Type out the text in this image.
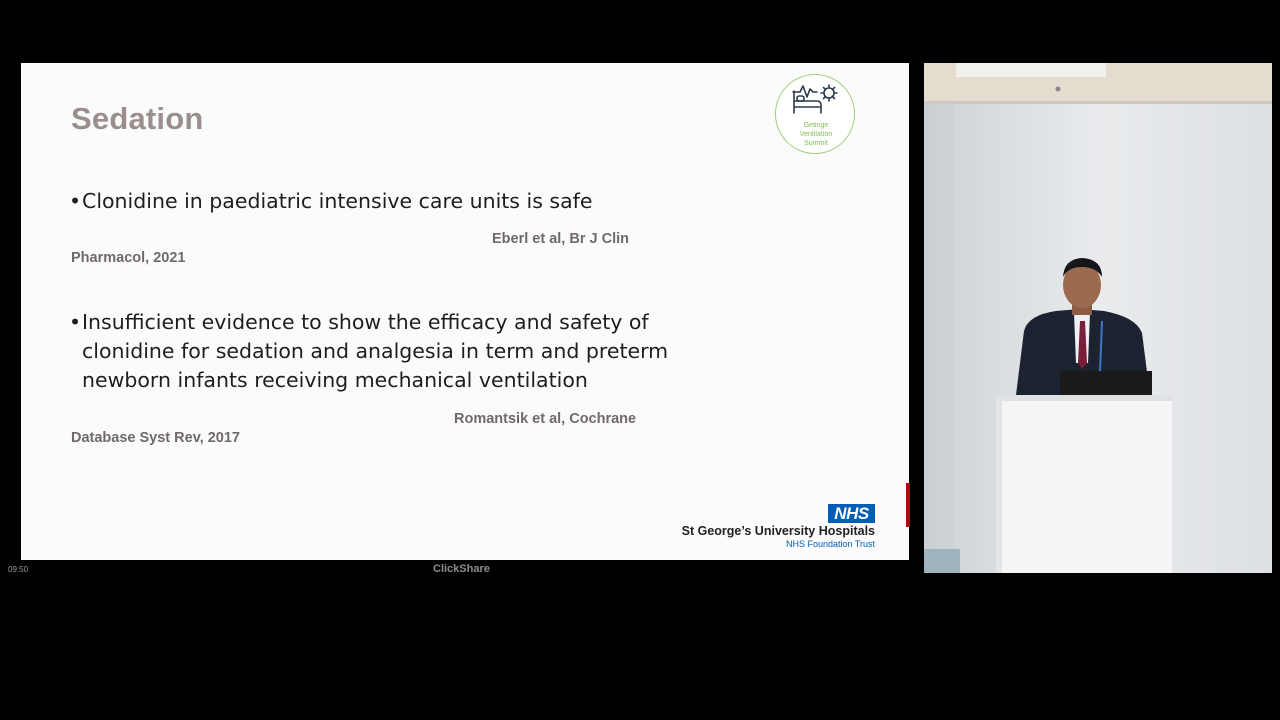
Sedation	Getinge
Ventilation
Summit
• Clonidine in paediatric intensive care units is safe
Eberl et al, Br J Clin
Pharmacol, 2021
• Insufficient evidence to show the efficacy and safety of
clonidine for sedation and analgesia in term and preterm
newborn infants receiving mechanical ventilation
Romantsik et al, Cochrane
Database Syst Rev, 2017
NHS
St George’s University Hospitals
NHS Foundation Trust
09:50	ClickShare
